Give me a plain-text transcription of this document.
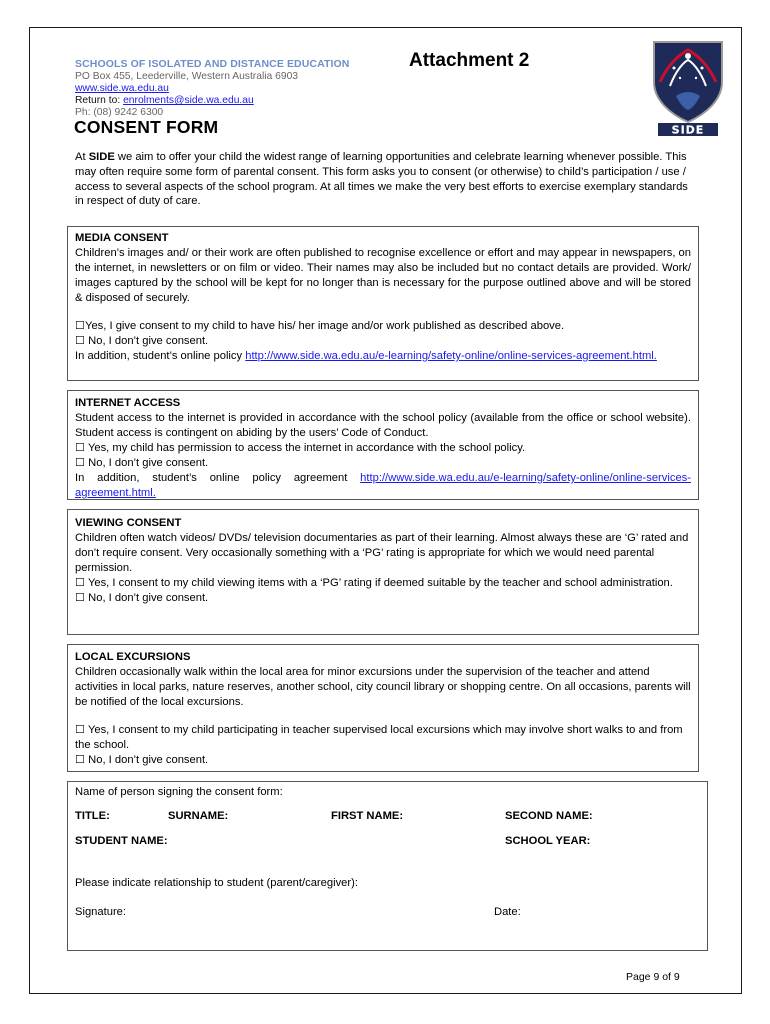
SCHOOLS OF ISOLATED AND DISTANCE EDUCATION
PO Box 455, Leederville, Western Australia 6903
www.side.wa.edu.au
Return to: enrolments@side.wa.edu.au
Ph: (08) 9242 6300
Attachment 2
SIDE
CONSENT FORM
At SIDE we aim to offer your child the widest range of learning opportunities and celebrate learning whenever possible. This may often require some form of parental consent. This form asks you to consent (or otherwise) to child’s participation / use / access to several aspects of the school program. At all times we make the very best efforts to exercise exemplary standards in respect of duty of care.
MEDIA CONSENT
Children’s images and/ or their work are often published to recognise excellence or effort and may appear in newspapers, on the internet, in newsletters or on film or video. Their names may also be included but no contact details are provided. Work/ images captured by the school will be kept for no longer than is necessary for the purpose outlined above and will be stored & disposed of securely.
☐Yes, I give consent to my child to have his/ her image and/or work published as described above.
☐ No, I don’t give consent.
In addition, student’s online policy http://www.side.wa.edu.au/e-learning/safety-online/online-services-agreement.html.
INTERNET ACCESS
Student access to the internet is provided in accordance with the school policy (available from the office or school website). Student access is contingent on abiding by the users’ Code of Conduct.
☐ Yes, my child has permission to access the internet in accordance with the school policy.
☐ No, I don’t give consent.
In addition, student’s online policy agreement http://www.side.wa.edu.au/e-learning/safety-online/online-services-agreement.html.
VIEWING CONSENT
Children often watch videos/ DVDs/ television documentaries as part of their learning. Almost always these are ‘G’ rated and don’t require consent. Very occasionally something with a ‘PG’ rating is appropriate for which we would need parental permission.
☐ Yes, I consent to my child viewing items with a ‘PG’ rating if deemed suitable by the teacher and school administration.
☐ No, I don’t give consent.
LOCAL EXCURSIONS
Children occasionally walk within the local area for minor excursions under the supervision of the teacher and attend activities in local parks, nature reserves, another school, city council library or shopping centre. On all occasions, parents will be notified of the local excursions.
☐ Yes, I consent to my child participating in teacher supervised local excursions which may involve short walks to and from the school.
☐ No, I don’t give consent.
Name of person signing the consent form:
TITLE:	SURNAME:	FIRST NAME:	SECOND NAME:
STUDENT NAME:	SCHOOL YEAR:
Please indicate relationship to student (parent/caregiver):
Signature:	Date:
Page 9 of 9
